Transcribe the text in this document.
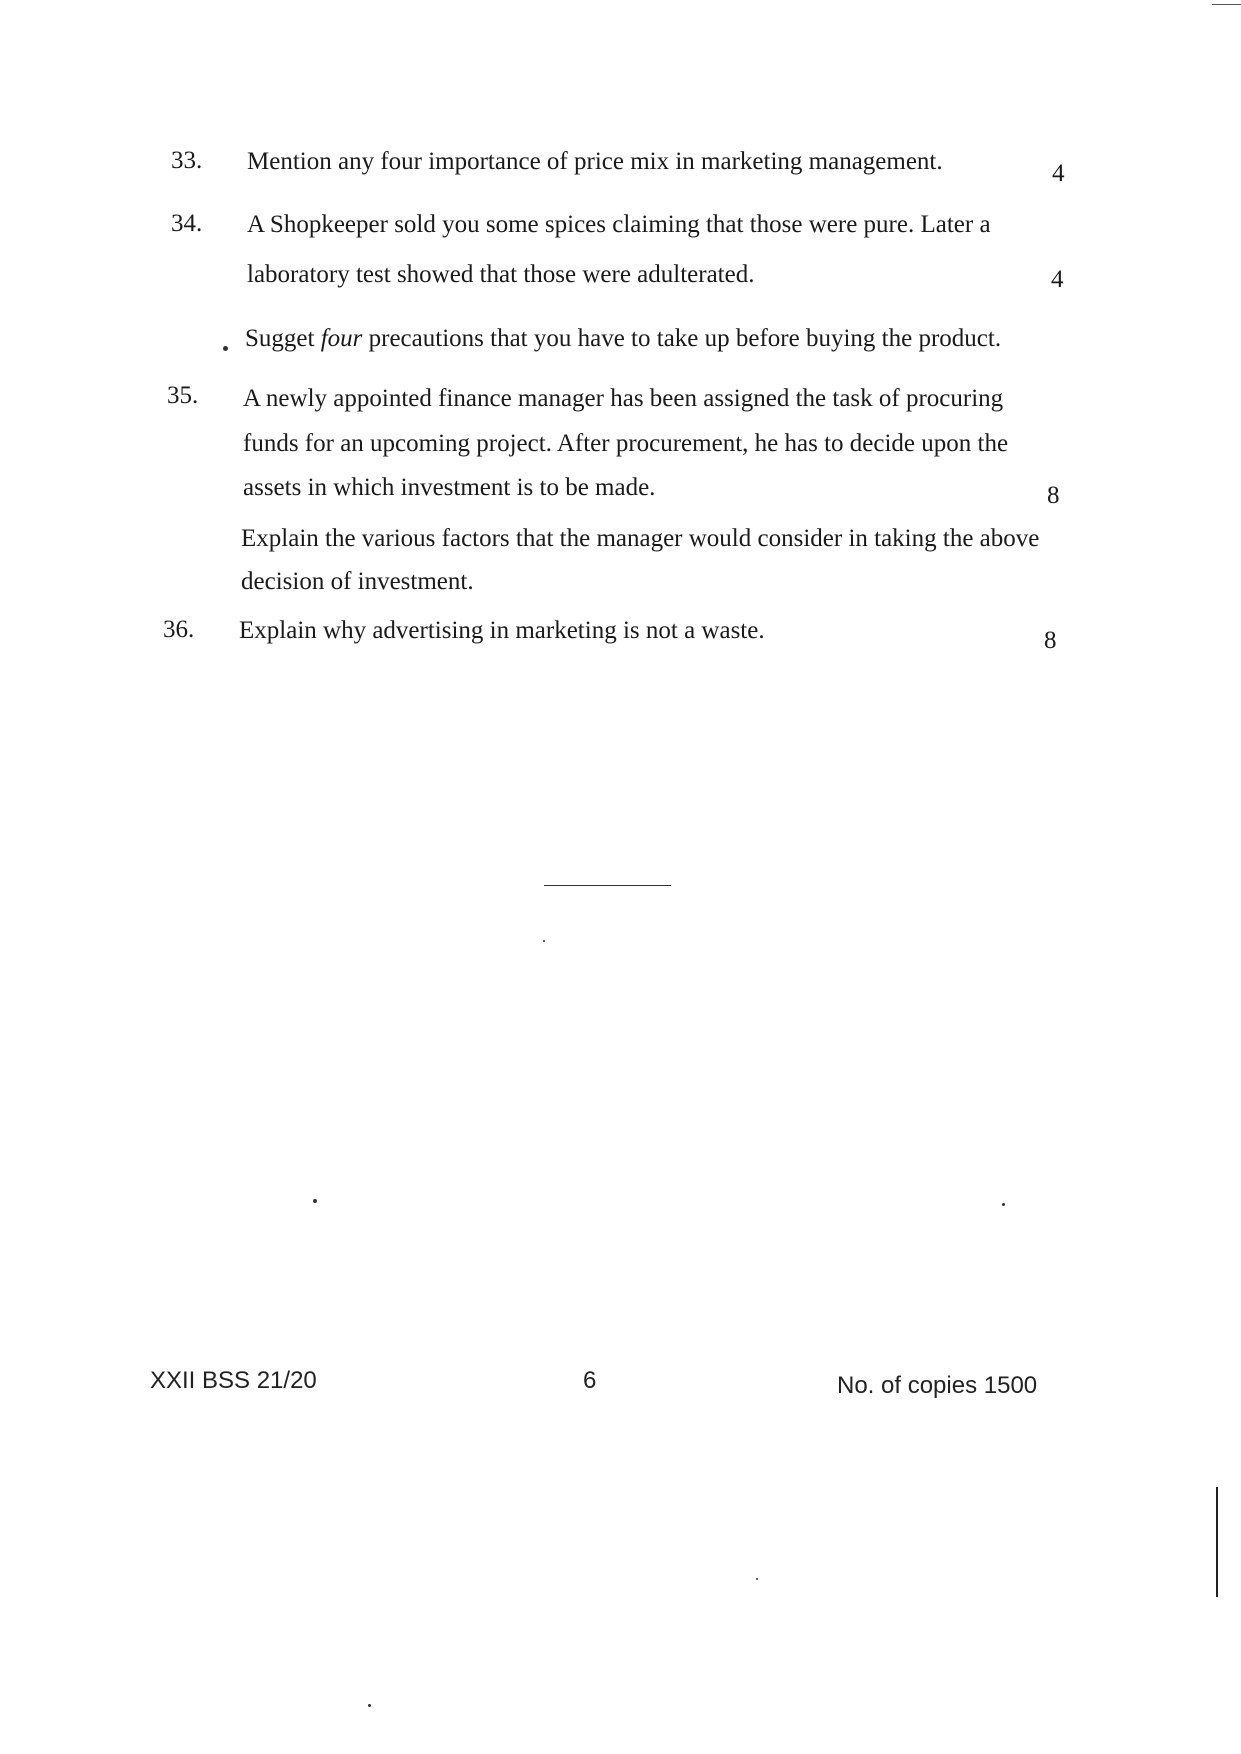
33. Mention any four importance of price mix in marketing management.	4
34. A Shopkeeper sold you some spices claiming that those were pure. Later a
laboratory test showed that those were adulterated.	4
Sugget four precautions that you have to take up before buying the product.
35. A newly appointed finance manager has been assigned the task of procuring
funds for an upcoming project. After procurement, he has to decide upon the
assets in which investment is to be made.	8
Explain the various factors that the manager would consider in taking the above
decision of investment.
36. Explain why advertising in marketing is not a waste.	8
XXII BSS 21/20	6	No. of copies 1500
